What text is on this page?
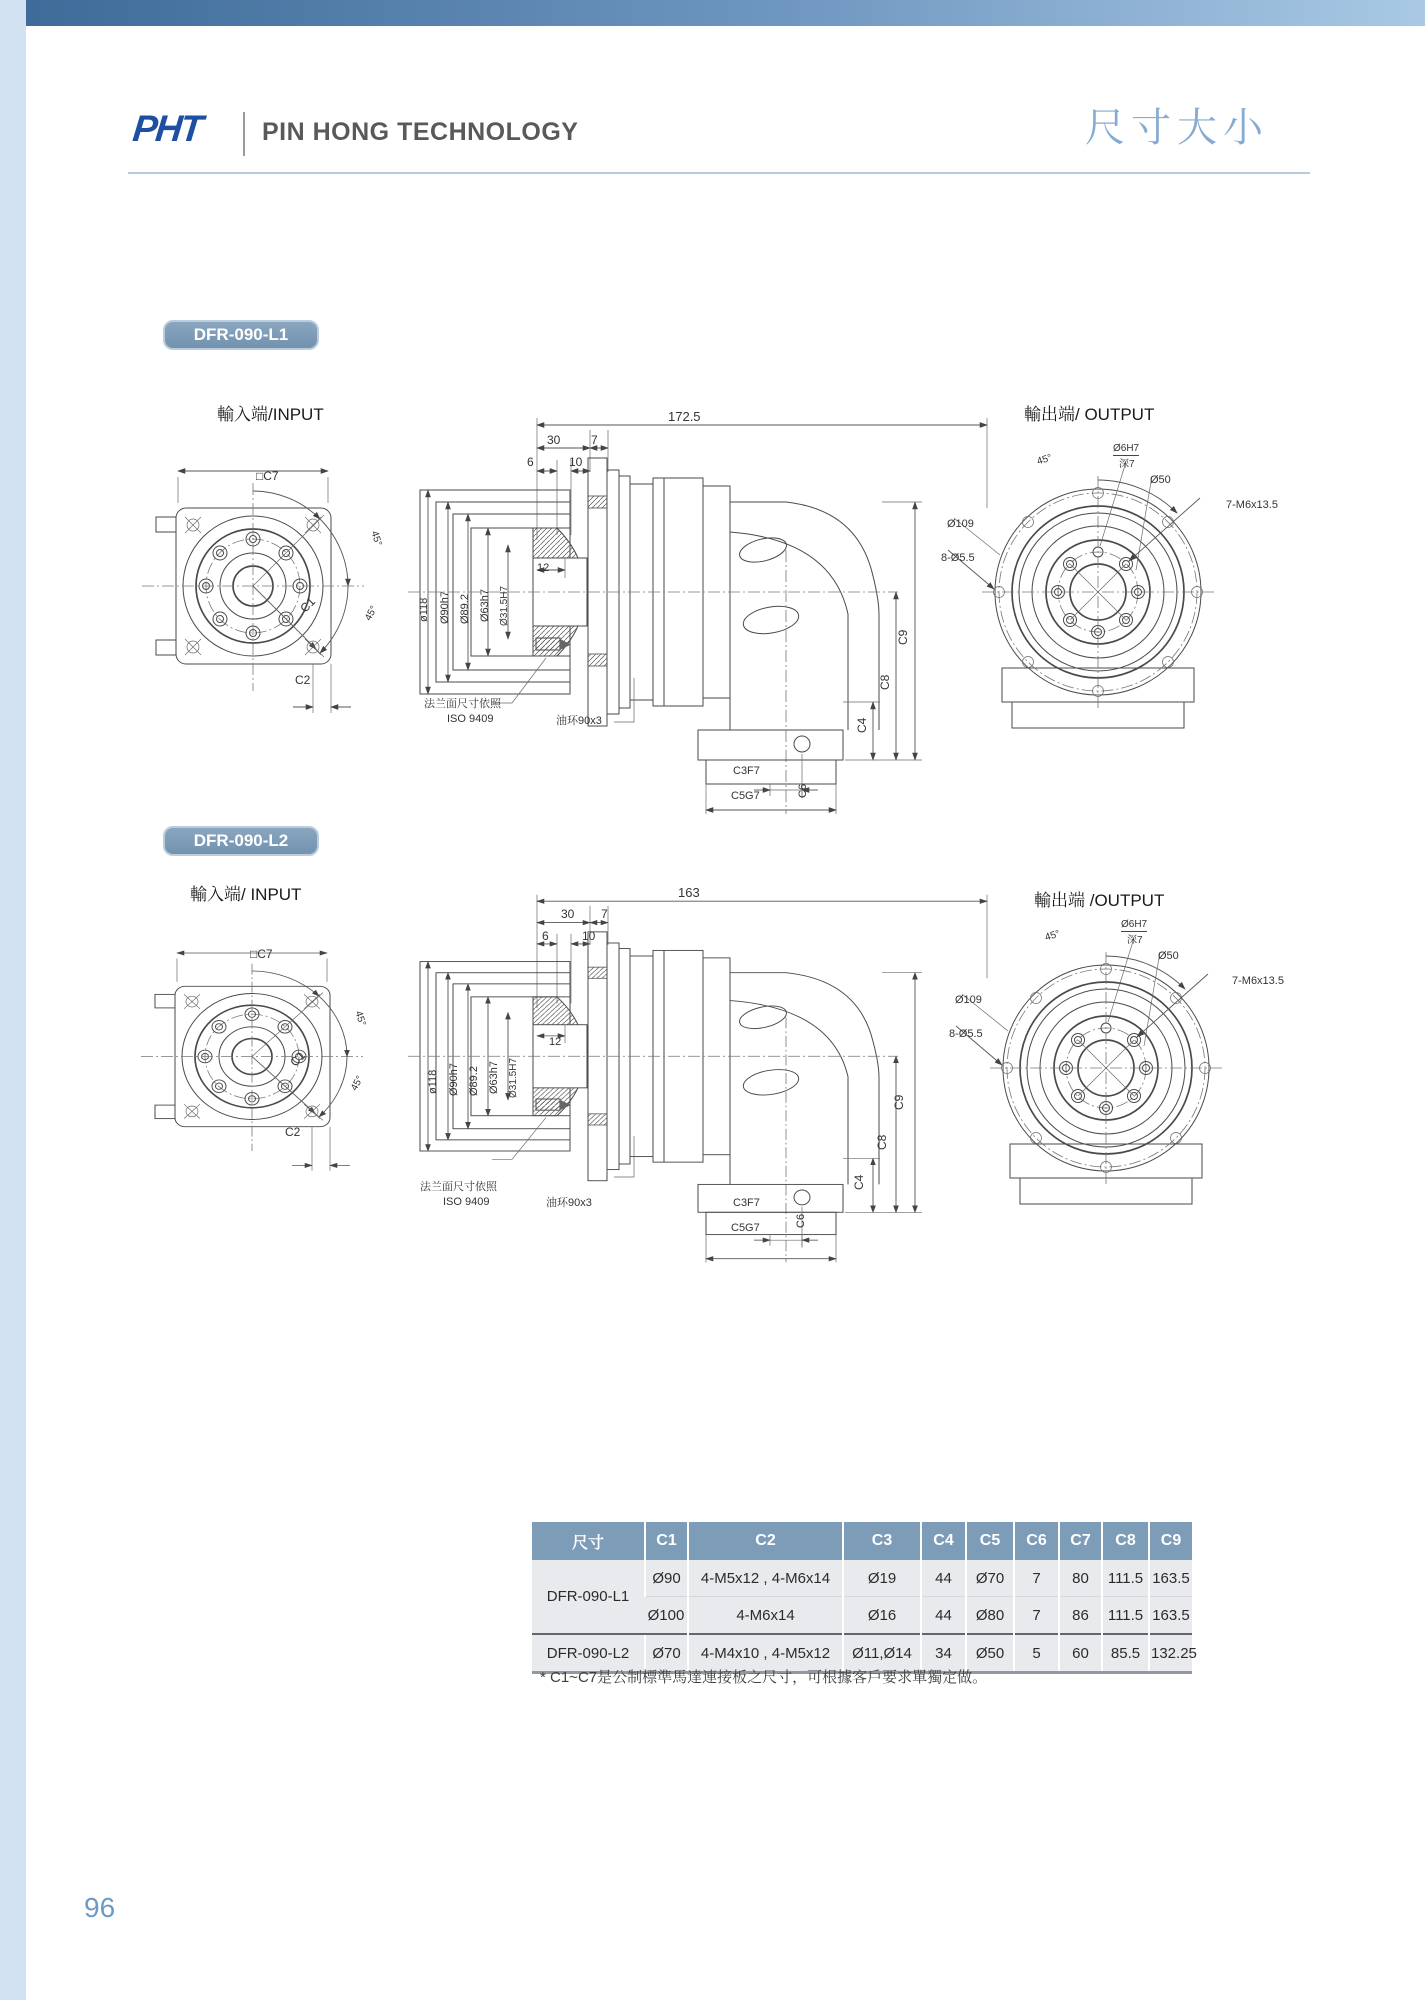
PHT PIN HONG TECHNOLOGY	尺寸大小
DFR-090-L1
輸入端/INPUT	輸出端/ OUTPUT
DFR-090-L2
輸入端/ INPUT	輸出端 /OUTPUT
尺寸	C1	C2	C3	C4	C5	C6	C7	C8	C9
DFR-090-L1	Ø90	4-M5x12 , 4-M6x14	Ø19	44	Ø70	7	80	111.5	163.5
	Ø100	4-M6x14	Ø16	44	Ø80	7	86	111.5	163.5
DFR-090-L2	Ø70	4-M4x10 , 4-M5x12	Ø11,Ø14	34	Ø50	5	60	85.5	132.25
* C1~C7是公制標準馬達連接板之尺寸，可根據客戶要求單獨定做。
96
172.5
30	7
6	10
12
ø118 Ø90h7 Ø89.2 Ø63h7 Ø31.5H7
C9
C8
C4
C6
C3F7
C5G7
法兰面尺寸依照
ISO 9409	油环90x3
□C7
C1
C2
45°
45°
45°
Ø6H7
深7
Ø50
7-M6x13.5
Ø109
8-Ø5.5
163
30 7
6	10
12
ø118 Ø90h7 Ø89.2 Ø63h7 Ø31.5H7
C9
C8
C4
C6
C3F7
C5G7
法兰面尺寸依照
ISO 9409	油环90x3
□C7
C1
C2
45°
45°
45°
Ø6H7
深7
Ø50
7-M6x13.5
Ø109
8-Ø5.5
